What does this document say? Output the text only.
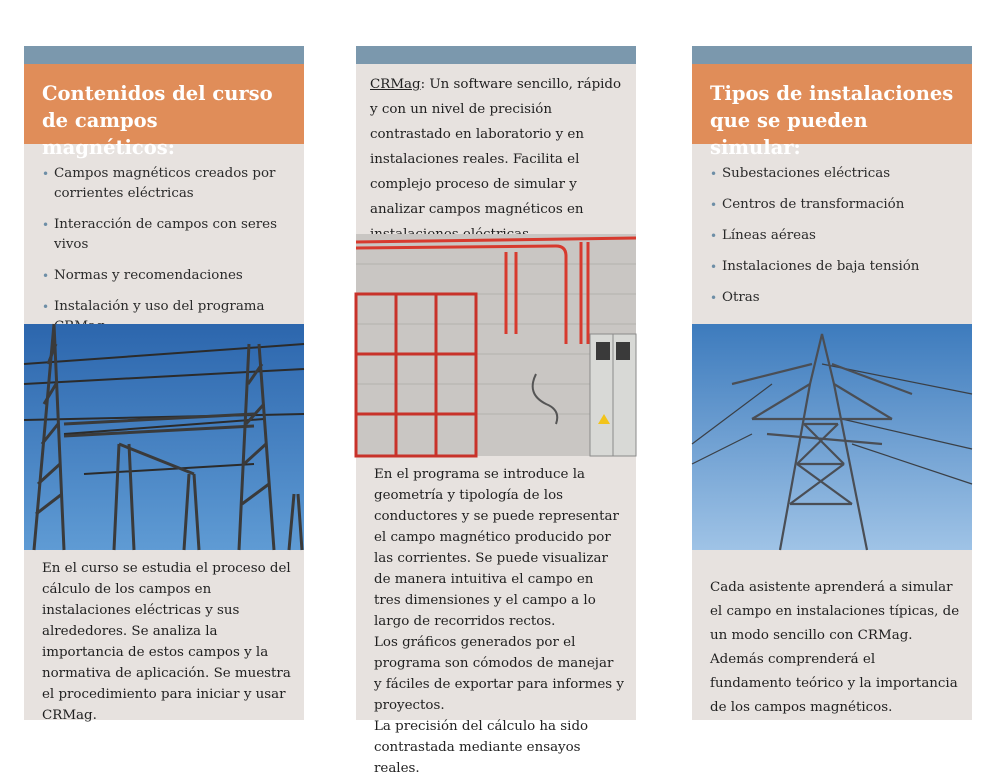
Contenidos del curso de campos magnéticos:
• Campos magnéticos creados por corrientes eléctricas
• Interacción de campos con seres vivos
• Normas y recomendaciones
• Instalación y uso del programa
En el curso se estudia el proceso del cálculo de los campos en instalaciones eléctricas y sus alrededores. Se analiza la importancia de estos campos y la normativa de aplicación. Se muestra el procedimiento para iniciar y usar CRMag.
CRMag: Un software sencillo, rápido y con un nivel de precisión contrastado en laboratorio y en instalaciones reales. Facilita el complejo proceso de simular y analizar campos magnéticos en
En el programa se introduce la geometría y tipología de los conductores y se puede representar el campo magnético producido por las corrientes. Se puede visualizar de manera intuitiva el campo en tres dimensiones y el campo a lo largo de recorridos rectos.
Los gráficos generados por el programa son cómodos de manejar y fáciles de exportar para informes y proyectos.
La precisión del cálculo ha sido contrastada mediante ensayos reales.
Tipos de instalaciones que se pueden simular:
• Subestaciones eléctricas
• Centros de transformación
• Líneas aéreas
• Instalaciones de baja tensión
• Otras
Cada asistente aprenderá a simular el campo en instalaciones típicas, de un modo sencillo con CRMag. Además comprenderá el fundamento teórico y la importancia de los campos magnéticos.
